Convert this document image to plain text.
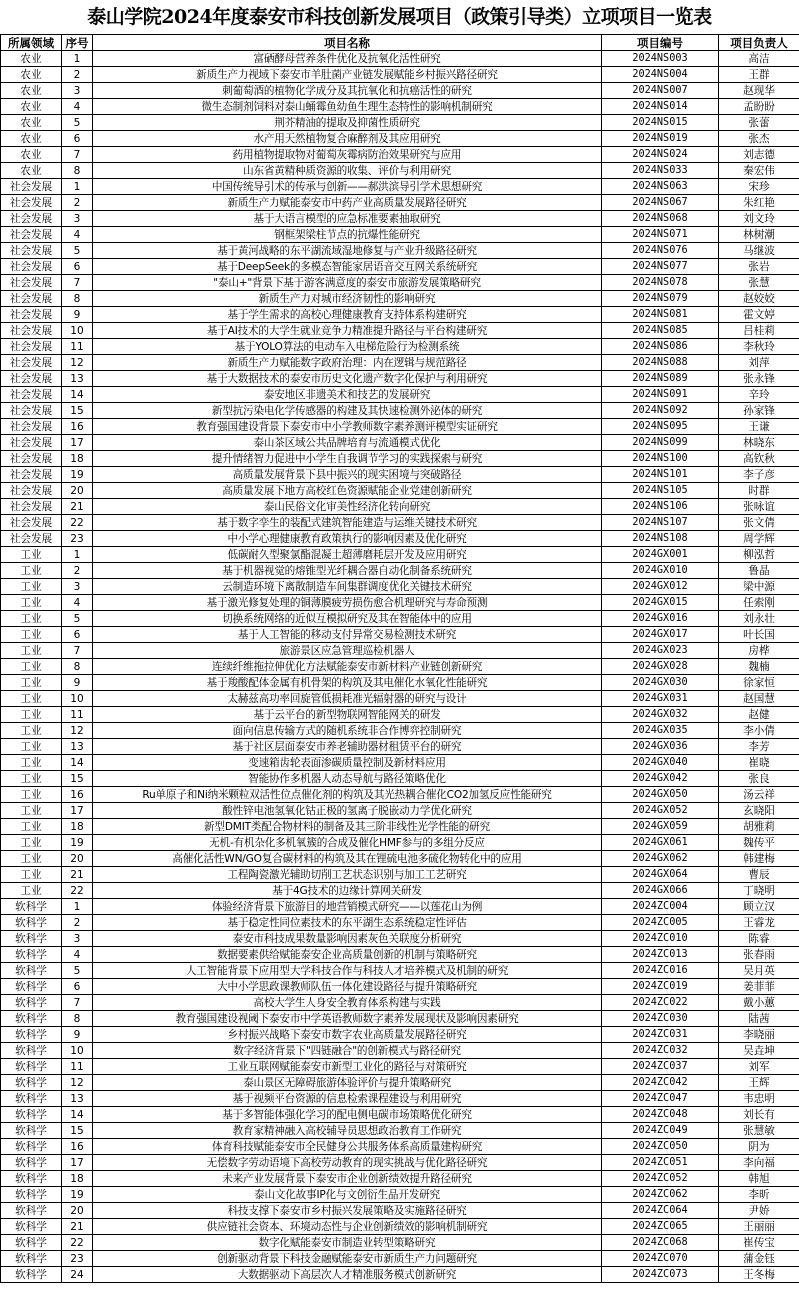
泰山学院2024年度泰安市科技创新发展项目（政策引导类）立项项目一览表
所属领域	序号	项目名称	项目编号	项目负责人
农业	1	富硒酵母营养条件优化及抗氧化活性研究	2024NS003	高洁
农业	2	新质生产力视域下泰安市羊肚菌产业链发展赋能乡村振兴路径研究	2024NS004	王群
农业	3	刺葡萄酒的植物化学成分及其抗氧化和抗癌活性的研究	2024NS007	赵现华
农业	4	微生态制剂饲料对泰山蛹霉鱼幼鱼生理生态特性的影响机制研究	2024NS014	孟盼盼
农业	5	荆芥精油的提取及抑菌性质研究	2024NS015	张蕾
农业	6	水产用天然植物复合麻醉剂及其应用研究	2024NS019	张杰
农业	7	药用植物提取物对葡萄灰霉病防治效果研究与应用	2024NS024	刘志德
农业	8	山东省黄精种质资源的收集、评价与利用研究	2024NS033	秦宏伟
社会发展	1	中国传统导引术的传承与创新——郝洪滨导引学术思想研究	2024NS063	宋珍
社会发展	2	新质生产力赋能泰安市中药产业高质量发展路径研究	2024NS067	朱红艳
社会发展	3	基于大语言模型的应急标准要素抽取研究	2024NS068	刘文玲
社会发展	4	钢框架梁柱节点的抗爆性能研究	2024NS071	林树潮
社会发展	5	基于黄河战略的东平湖流域湿地修复与产业升级路径研究	2024NS076	马继波
社会发展	6	基于DeepSeek的多模态智能家居语音交互网关系统研究	2024NS077	张岩
社会发展	7	"泰山+"背景下基于游客满意度的泰安市旅游发展策略研究	2024NS078	张慧
社会发展	8	新质生产力对城市经济韧性的影响研究	2024NS079	赵姣姣
社会发展	9	基于学生需求的高校心理健康教育支持体系构建研究	2024NS081	霍文婷
社会发展	10	基于AI技术的大学生就业竞争力精准提升路径与平台构建研究	2024NS085	吕桂莉
社会发展	11	基于YOLO算法的电动车入电梯危险行为检测系统	2024NS086	李秋玲
社会发展	12	新质生产力赋能数字政府治理：内在逻辑与规范路径	2024NS088	刘萍
社会发展	13	基于大数据技术的泰安市历史文化遗产数字化保护与利用研究	2024NS089	张永锋
社会发展	14	泰安地区非遗美术和技艺的发展研究	2024NS091	辛玲
社会发展	15	新型抗污染电化学传感器的构建及其快速检测外泌体的研究	2024NS092	孙家锋
社会发展	16	教育强国建设背景下泰安市中小学教师数字素养测评模型实证研究	2024NS095	王谦
社会发展	17	泰山茶区域公共品牌培育与流通模式优化	2024NS099	林晓东
社会发展	18	提升情绪智力促进中小学生自我调节学习的实践探索与研究	2024NS100	高钦秋
社会发展	19	高质量发展背景下县中振兴的现实困境与突破路径	2024NS101	李子彦
社会发展	20	高质量发展下地方高校红色资源赋能企业党建创新研究	2024NS105	时群
社会发展	21	泰山民俗文化审美性经济化转向研究	2024NS106	张咏谊
社会发展	22	基于数字孪生的装配式建筑智能建造与运维关键技术研究	2024NS107	张文倩
社会发展	23	中小学心理健康教育政策执行的影响因素及优化研究	2024NS108	周学辉
工业	1	低碳耐久型聚氯酯混凝土超薄磨耗层开发及应用研究	2024GX001	柳泓哲
工业	2	基于机器视觉的熔锥型光纤耦合器自动化制备系统研究	2024GX010	鲁晶
工业	3	云制造环境下离散制造车间集群调度优化关键技术研究	2024GX012	梁中源
工业	4	基于激光修复处理的铜薄膜疲劳损伤愈合机理研究与寿命预测	2024GX015	任索刚
工业	5	切换系统网络的近似互模拟研究及其在智能体中的应用	2024GX016	刘永壮
工业	6	基于人工智能的移动支付异常交易检测技术研究	2024GX017	叶长国
工业	7	旅游景区应急管理巡检机器人	2024GX023	房桦
工业	8	连续纤维拖拉伸优化方法赋能泰安市新材料产业链创新研究	2024GX028	魏楠
工业	9	基于羧酸配体金属有机骨架的构筑及其电催化水氧化性能研究	2024GX030	徐家恒
工业	10	太赫兹高功率回旋管低损耗准光辐射器的研究与设计	2024GX031	赵国慧
工业	11	基于云平台的新型物联网智能网关的研发	2024GX032	赵健
工业	12	面向信息传输方式的随机系统非合作博弈控制研究	2024GX035	李小倩
工业	13	基于社区层面泰安市养老辅助器材租赁平台的研究	2024GX036	李芳
工业	14	变速箱齿轮表面渗碳质量控制及新材料应用	2024GX040	崔晓
工业	15	智能协作多机器人动态导航与路径策略优化	2024GX042	张良
工业	16	Ru单原子和Ni纳米颗粒双活性位点催化剂的构筑及其光热耦合催化CO2加氢反应性能研究	2024GX050	汤云祥
工业	17	酸性锌电池氢氧化钴正极的氢离子脱嵌动力学优化研究	2024GX052	玄晓阳
工业	18	新型DMIT类配合物材料的制备及其三阶非线性光学性能的研究	2024GX059	胡雅莉
工业	19	无机-有机杂化多机氧簇的合成及催化HMF参与的多组分反应	2024GX061	魏传平
工业	20	高催化活性WN/GO复合碳材料的构筑及其在锂硫电池多硫化物转化中的应用	2024GX062	韩建梅
工业	21	工程陶瓷激光辅助切削工艺状态识别与加工工艺研究	2024GX064	曹辰
工业	22	基于4G技术的边缘计算网关研发	2024GX066	丁晓明
软科学	1	体验经济背景下旅游目的地营销模式研究——以莲花山为例	2024ZC004	顾立汉
软科学	2	基于稳定性同位素技术的东平湖生态系统稳定性评估	2024ZC005	王睿龙
软科学	3	泰安市科技成果数量影响因素灰色关联度分析研究	2024ZC010	陈睿
软科学	4	数据要素供给赋能泰安企业高质量创新的机制与策略研究	2024ZC013	张春雨
软科学	5	人工智能背景下应用型大学科技合作与科技人才培养模式及机制的研究	2024ZC016	吴月英
软科学	6	大中小学思政课教师队伍一体化建设路径与提升策略研究	2024ZC019	姜菲菲
软科学	7	高校大学生人身安全教育体系构建与实践	2024ZC022	戴小蕙
软科学	8	教育强国建设视阈下泰安市中学英语教师数字素养发展现状及影响因素研究	2024ZC030	陆茜
软科学	9	乡村振兴战略下泰安市数字农业高质量发展路径研究	2024ZC031	李晓丽
软科学	10	数字经济背景下"四链融合"的创新模式与路径研究	2024ZC032	吴垚坤
软科学	11	工业互联网赋能泰安市新型工业化的路径与对策研究	2024ZC037	刘军
软科学	12	泰山景区无障碍旅游体验评价与提升策略研究	2024ZC042	王辉
软科学	13	基于视频平台资源的信息检索课程建设与利用研究	2024ZC047	韦忠明
软科学	14	基于多智能体强化学习的配电侧电碳市场策略优化研究	2024ZC048	刘长有
软科学	15	教育家精神融入高校辅导员思想政治教育工作研究	2024ZC049	张慧敏
软科学	16	体育科技赋能泰安市全民健身公共服务体系高质量建构研究	2024ZC050	阴为
软科学	17	无偿数字劳动语境下高校劳动教育的现实挑战与优化路径研究	2024ZC051	李向福
软科学	18	未来产业发展背景下泰安市企业创新绩效提升路径研究	2024ZC052	韩旭
软科学	19	泰山文化故事IP化与文创衍生品开发研究	2024ZC062	李昕
软科学	20	科技支撑下泰安市乡村振兴发展策略及实施路径研究	2024ZC064	尹娇
软科学	21	供应链社会资本、环境动态性与企业创新绩效的影响机制研究	2024ZC065	王丽丽
软科学	22	数字化赋能泰安市制造业转型策略研究	2024ZC068	崔传宝
软科学	23	创新驱动背景下科技金融赋能泰安市新质生产力问题研究	2024ZC070	蒲金钰
软科学	24	大数据驱动下高层次人才精准服务模式创新研究	2024ZC073	王冬梅
